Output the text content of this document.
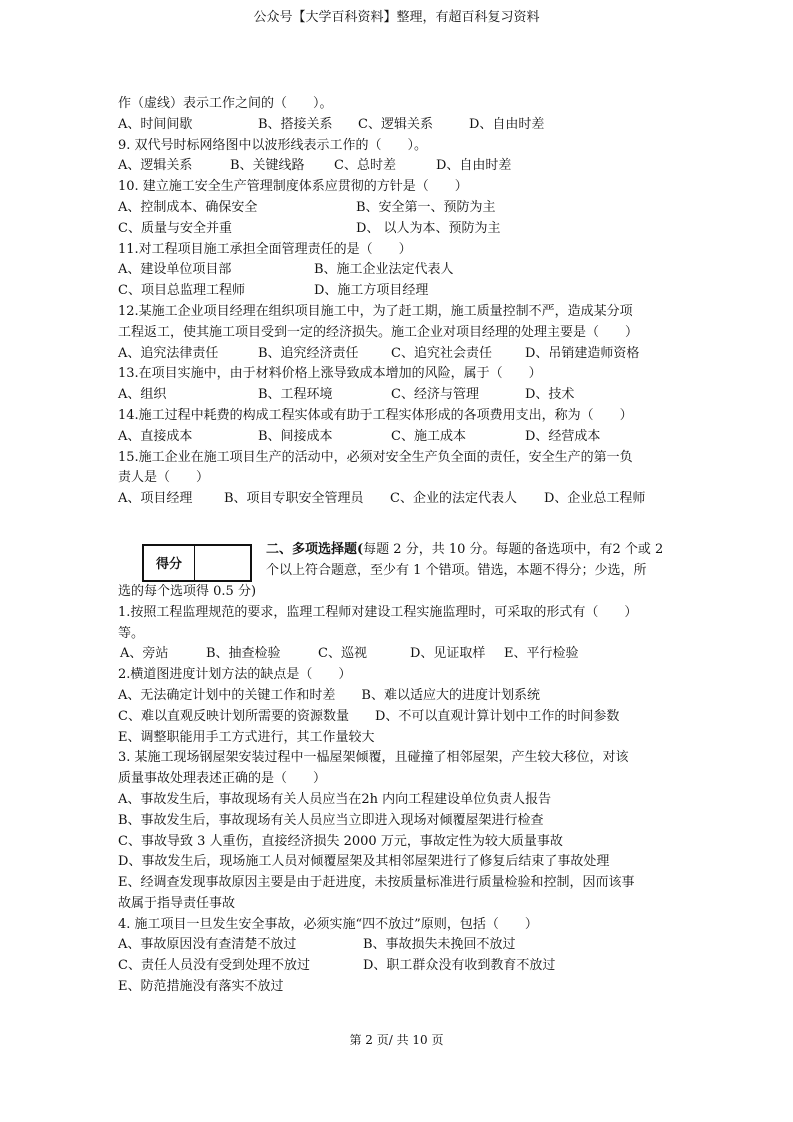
公众号【大学百科资料】整理，有超百科复习资料
作（虚线）表示工作之间的（　　）。
A、时间间歇	B、搭接关系	C、逻辑关系	D、自由时差
9. 双代号时标网络图中以波形线表示工作的（　　）。
A、逻辑关系	B、关键线路	C、总时差	D、自由时差
10. 建立施工安全生产管理制度体系应贯彻的方针是（　　）
A、控制成本、确保安全	B、安全第一、预防为主
C、质量与安全并重	D、 以人为本、预防为主
11.对工程项目施工承担全面管理责任的是（　　）
A、建设单位项目部	B、施工企业法定代表人
C、项目总监理工程师	D、施工方项目经理
12.某施工企业项目经理在组织项目施工中，为了赶工期，施工质量控制不严，造成某分项
工程返工，使其施工项目受到一定的经济损失。施工企业对项目经理的处理主要是（　　）
A、追究法律责任	B、追究经济责任	C、追究社会责任	D、吊销建造师资格
13.在项目实施中，由于材料价格上涨导致成本增加的风险，属于（　　）
A、组织	B、工程环境	C、经济与管理	D、技术
14.施工过程中耗费的构成工程实体或有助于工程实体形成的各项费用支出，称为（　　）
A、直接成本	B、间接成本	C、施工成本	D、经营成本
15.施工企业在施工项目生产的活动中，必须对安全生产负全面的责任，安全生产的第一负
责人是（　　）
A、项目经理	B、项目专职安全管理员	C、企业的法定代表人	D、企业总工程师
得分
二、多项选择题(每题 2 分，共 10 分。每题的备选项中，有2 个或 2
个以上符合题意，至少有 1 个错项。错选，本题不得分；少选，所
选的每个选项得 0.5 分)
1.按照工程监理规范的要求，监理工程师对建设工程实施监理时，可采取的形式有（　　）
等。
A、旁站	B、抽查检验	C、巡视	D、见证取样	E、平行检验
2.横道图进度计划方法的缺点是（　　）
A、无法确定计划中的关键工作和时差　　B、难以适应大的进度计划系统
C、难以直观反映计划所需要的资源数量　　D、不可以直观计算计划中工作的时间参数
E、调整职能用手工方式进行，其工作量较大
3. 某施工现场钢屋架安装过程中一榀屋架倾覆，且碰撞了相邻屋架，产生较大移位，对该
质量事故处理表述正确的是（　　）
A、事故发生后，事故现场有关人员应当在2h 内向工程建设单位负责人报告
B、事故发生后，事故现场有关人员应当立即进入现场对倾覆屋架进行检查
C、事故导致 3 人重伤，直接经济损失 2000 万元，事故定性为较大质量事故
D、事故发生后，现场施工人员对倾覆屋架及其相邻屋架进行了修复后结束了事故处理
E、经调查发现事故原因主要是由于赶进度，未按质量标准进行质量检验和控制，因而该事
故属于指导责任事故
4. 施工项目一旦发生安全事故，必须实施“四不放过”原则，包括（　　）
A、事故原因没有查清楚不放过	B、事故损失未挽回不放过
C、责任人员没有受到处理不放过	D、职工群众没有收到教育不放过
E、防范措施没有落实不放过
第 2 页/ 共 10 页
